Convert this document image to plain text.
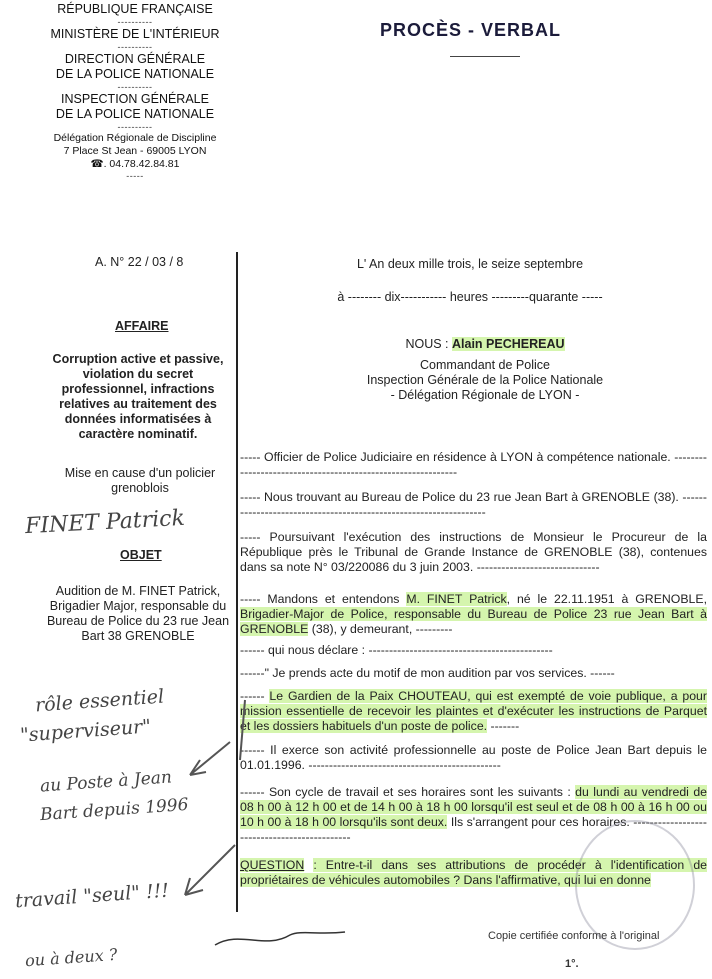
RÉPUBLIQUE FRANÇAISE
----------
MINISTÈRE DE L'INTÉRIEUR
----------
DIRECTION GÉNÉRALE
DE LA POLICE NATIONALE
----------
INSPECTION GÉNÉRALE
DE LA POLICE NATIONALE
----------
Délégation Régionale de Discipline
7 Place St Jean - 69005 LYON
☎. 04.78.42.84.81
-----
PROCÈS - VERBAL
A. N° 22 / 03 / 8	L' An deux mille trois, le seize septembre
à -------- dix----------- heures ---------quarante -----
NOUS : Alain PECHEREAU
Commandant de Police
Inspection Générale de la Police Nationale
- Délégation Régionale de LYON -
AFFAIRE
Corruption active et passive, violation du secret professionnel, infractions relatives au traitement des données informatisées à caractère nominatif.
Mise en cause d'un policier grenoblois
FINET Patrick
OBJET
Audition de M. FINET Patrick, Brigadier Major, responsable du Bureau de Police du 23 rue Jean Bart 38 GRENOBLE
----- Officier de Police Judiciaire en résidence à LYON à compétence nationale. -------------------------------------------------------------
----- Nous trouvant au Bureau de Police du 23 rue Jean Bart à GRENOBLE (38). ------------------------------------------------------------------
----- Poursuivant l'exécution des instructions de Monsieur le Procureur de la République près le Tribunal de Grande Instance de GRENOBLE (38), contenues dans sa note N° 03/220086 du 3 juin 2003. ------------------------------
----- Mandons et entendons M. FINET Patrick, né le 22.11.1951 à GRENOBLE, Brigadier-Major de Police, responsable du Bureau de Police 23 rue Jean Bart à GRENOBLE (38), y demeurant, ---------
------ qui nous déclare : ---------------------------------------------
------" Je prends acte du motif de mon audition par vos services. ------
------ Le Gardien de la Paix CHOUTEAU, qui est exempté de voie publique, a pour mission essentielle de recevoir les plaintes et d'exécuter les instructions de Parquet et les dossiers habituels d'un poste de police. -------
------ Il exerce son activité professionnelle au poste de Police Jean Bart depuis le 01.01.1996. -----------------------------------------------
------ Son cycle de travail et ses horaires sont les suivants : du lundi au vendredi de 08 h 00 à 12 h 00 et de 14 h 00 à 18 h 00 lorsqu'il est seul et de 08 h 00 à 16 h 00 ou 10 h 00 à 18 h 00 lorsqu'ils sont deux. Ils s'arrangent pour ces horaires. ---------------------------------------------
QUESTION : Entre-t-il dans ses attributions de procéder à l'identification de propriétaires de véhicules automobiles ? Dans l'affirmative, qui lui en donne
rôle essentiel
"superviseur"
au Poste à Jean
Bart depuis 1996
travail "seul" !!!
ou à deux ?
Copie certifiée conforme à l'original
1°.
